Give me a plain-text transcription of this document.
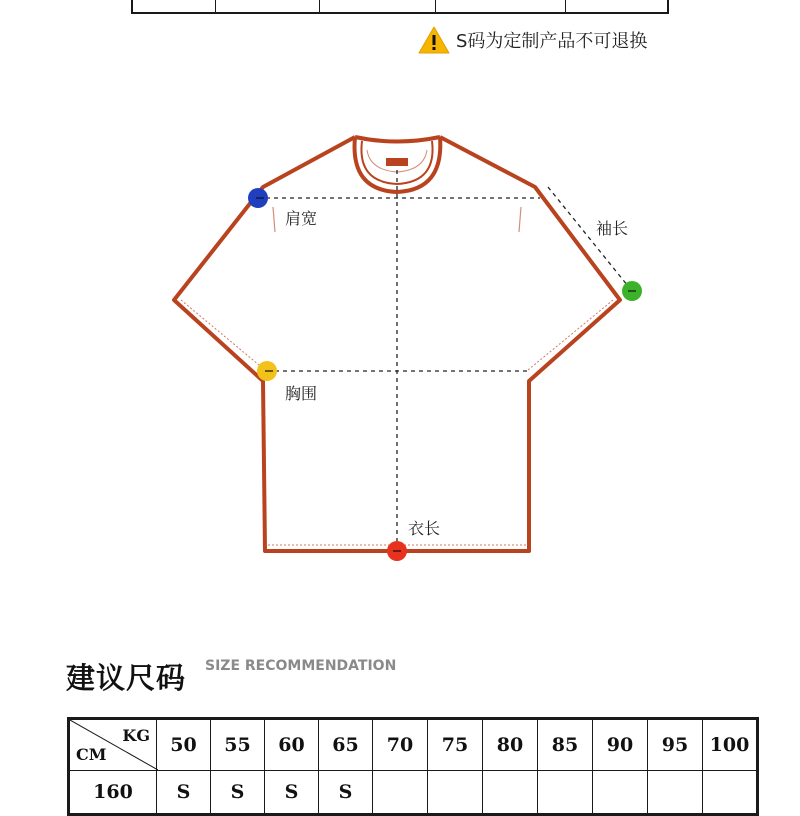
S码为定制产品不可退换
肩宽
袖长
胸围
衣长
建议尺码 SIZE RECOMMENDATION
KG
CM	50	55	60	65	70	75	80	85	90	95	100
160	S	S	S	S							
